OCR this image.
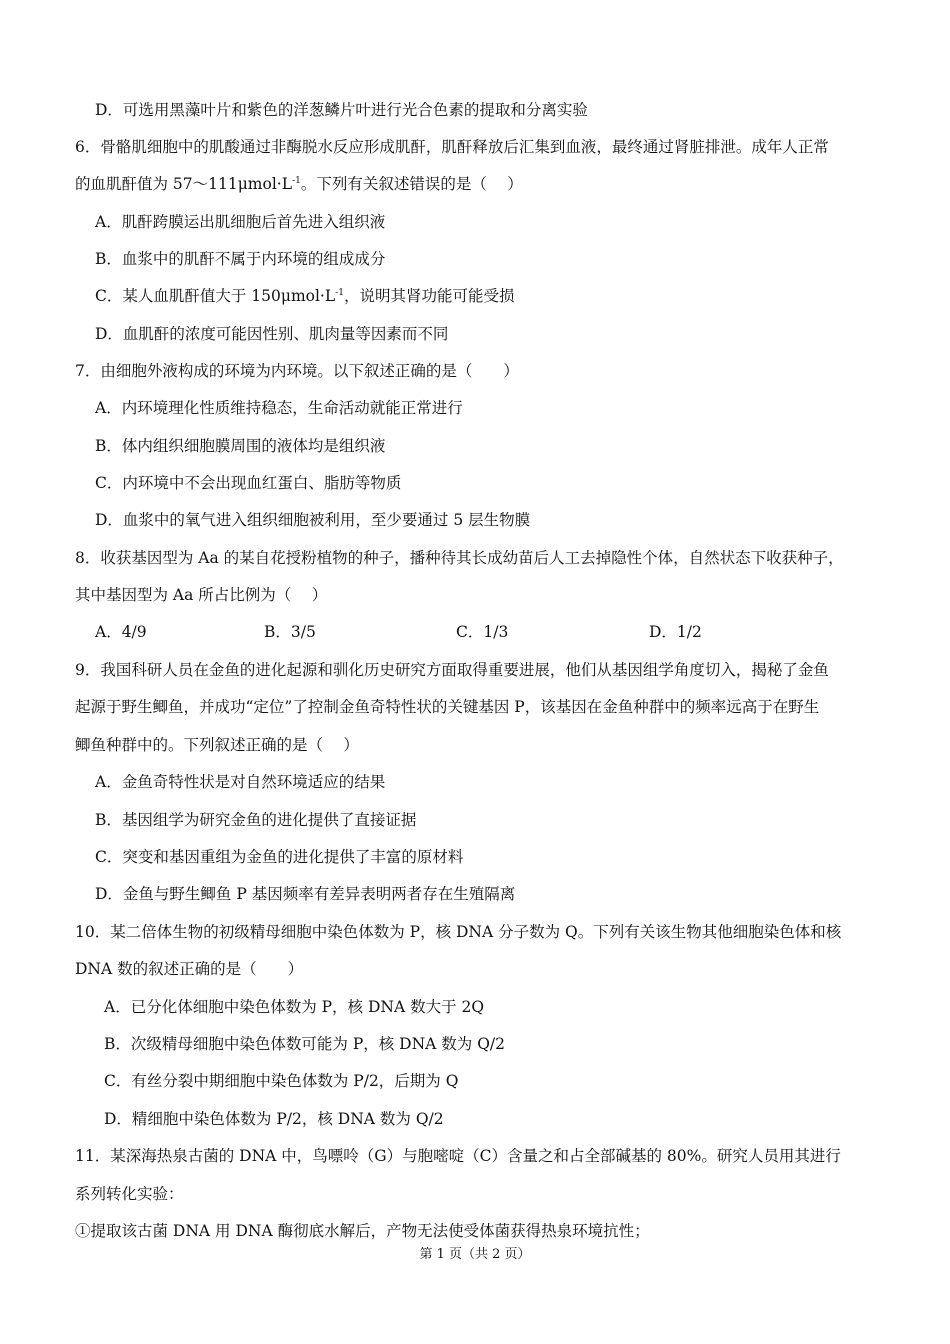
D．可选用黑藻叶片和紫色的洋葱鳞片叶进行光合色素的提取和分离实验
6．骨骼肌细胞中的肌酸通过非酶脱水反应形成肌酐，肌酐释放后汇集到血液，最终通过肾脏排泄。成年人正常
的血肌酐值为 $57\sim 111\mu mol\cdot L^{-1}$。下列有关叙述错误的是（　 ）
A．肌酐跨膜运出肌细胞后首先进入组织液
B．血浆中的肌酐不属于内环境的组成成分
C．某人血肌酐值大于 $150\mu mol\cdot L^{-1}$，说明其肾功能可能受损
D．血肌酐的浓度可能因性别、肌肉量等因素而不同
7．由细胞外液构成的环境为内环境。以下叙述正确的是（　　）
A．内环境理化性质维持稳态，生命活动就能正常进行
B．体内组织细胞膜周围的液体均是组织液
C．内环境中不会出现血红蛋白、脂肪等物质
D．血浆中的氧气进入组织细胞被利用，至少要通过 5 层生物膜
8．收获基因型为 Aa 的某自花授粉植物的种子，播种待其长成幼苗后人工去掉隐性个体，自然状态下收获种子，
其中基因型为 Aa 所占比例为（　 ）
A．4/9	B．3/5	C．1/3	D．1/2
9．我国科研人员在金鱼的进化起源和驯化历史研究方面取得重要进展，他们从基因组学角度切入，揭秘了金鱼
起源于野生鲫鱼，并成功“定位”了控制金鱼奇特性状的关键基因 P，该基因在金鱼种群中的频率远高于在野生
鲫鱼种群中的。下列叙述正确的是（　 ）
A．金鱼奇特性状是对自然环境适应的结果
B．基因组学为研究金鱼的进化提供了直接证据
C．突变和基因重组为金鱼的进化提供了丰富的原材料
D．金鱼与野生鲫鱼 P 基因频率有差异表明两者存在生殖隔离
10．某二倍体生物的初级精母细胞中染色体数为 P，核 DNA 分子数为 Q。下列有关该生物其他细胞染色体和核
DNA 数的叙述正确的是（　　）
A．已分化体细胞中染色体数为 P，核 DNA 数大于 2Q
B．次级精母细胞中染色体数可能为 P，核 DNA 数为 Q/2
C．有丝分裂中期细胞中染色体数为 P/2，后期为 Q
D．精细胞中染色体数为 P/2，核 DNA 数为 Q/2
11．某深海热泉古菌的 DNA 中，鸟嘌呤（G）与胞嘧啶（C）含量之和占全部碱基的 80%。研究人员用其进行
系列转化实验：
①提取该古菌 DNA 用 DNA 酶彻底水解后，产物无法使受体菌获得热泉环境抗性；
第 1 页（共 2 页）
